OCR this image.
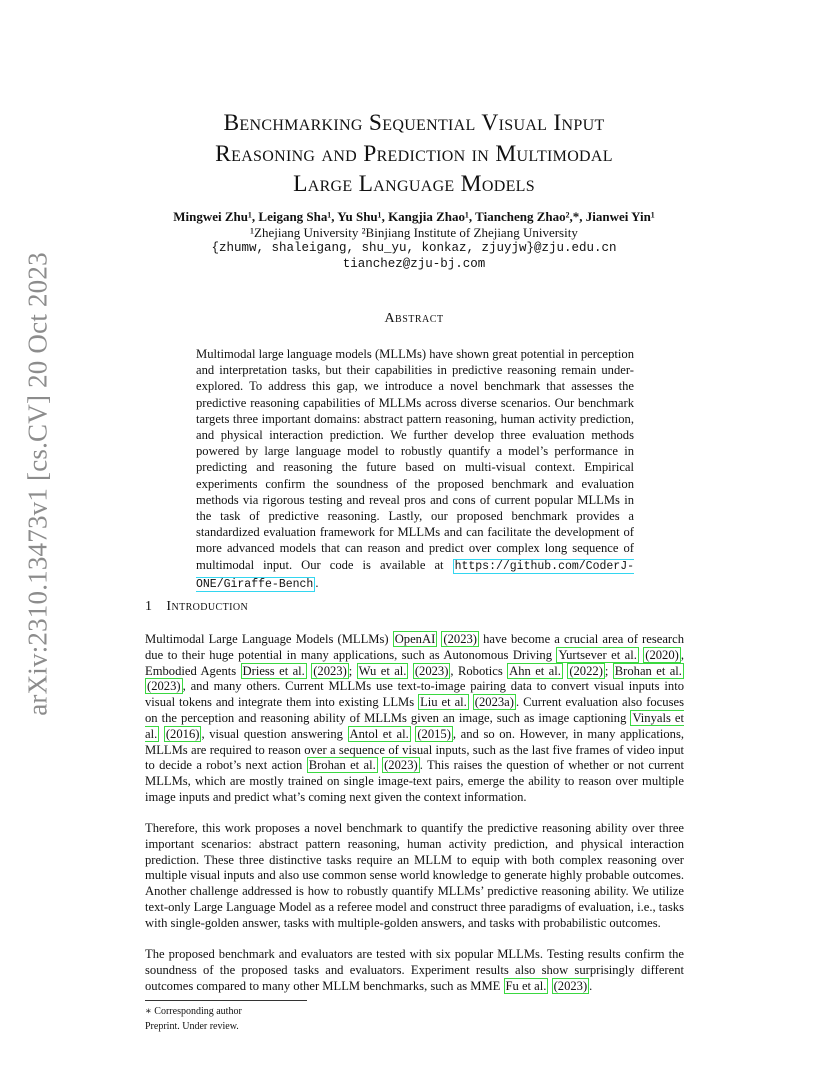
arXiv:2310.13473v1 [cs.CV] 20 Oct 2023
Benchmarking Sequential Visual Input
Reasoning and Prediction in Multimodal
Large Language Models
Mingwei Zhu¹, Leigang Sha¹, Yu Shu¹, Kangjia Zhao¹, Tiancheng Zhao²,*, Jianwei Yin¹
¹Zhejiang University ²Binjiang Institute of Zhejiang University
{zhumw, shaleigang, shu_yu, konkaz, zjuyjw}@zju.edu.cn
tianchez@zju-bj.com
Abstract
Multimodal large language models (MLLMs) have shown great potential in perception and interpretation tasks, but their capabilities in predictive reasoning remain under-explored. To address this gap, we introduce a novel benchmark that assesses the predictive reasoning capabilities of MLLMs across diverse scenarios. Our benchmark targets three important domains: abstract pattern reasoning, human activity prediction, and physical interaction prediction. We further develop three evaluation methods powered by large language model to robustly quantify a model’s performance in predicting and reasoning the future based on multi-visual context. Empirical experiments confirm the soundness of the proposed benchmark and evaluation methods via rigorous testing and reveal pros and cons of current popular MLLMs in the task of predictive reasoning. Lastly, our proposed benchmark provides a standardized evaluation framework for MLLMs and can facilitate the development of more advanced models that can reason and predict over complex long sequence of multimodal input. Our code is available at https://github.com/CoderJ-ONE/Giraffe-Bench .
1 Introduction
Multimodal Large Language Models (MLLMs) OpenAI (2023) have become a crucial area of research due to their huge potential in many applications, such as Autonomous Driving Yurtsever et al. (2020) , Embodied Agents Driess et al. (2023) ; Wu et al. (2023) , Robotics Ahn et al. (2022) ; Brohan et al. (2023) , and many others. Current MLLMs use text-to-image pairing data to convert visual inputs into visual tokens and integrate them into existing LLMs Liu et al. (2023a) . Current evaluation also focuses on the perception and reasoning ability of MLLMs given an image, such as image captioning Vinyals et al. (2016) , visual question answering Antol et al. (2015) , and so on. However, in many applications, MLLMs are required to reason over a sequence of visual inputs, such as the last five frames of video input to decide a robot’s next action Brohan et al. (2023) . This raises the question of whether or not current MLLMs, which are mostly trained on single image-text pairs, emerge the ability to reason over multiple image inputs and predict what’s coming next given the context information.
Therefore, this work proposes a novel benchmark to quantify the predictive reasoning ability over three important scenarios: abstract pattern reasoning, human activity prediction, and physical interaction prediction. These three distinctive tasks require an MLLM to equip with both complex reasoning over multiple visual inputs and also use common sense world knowledge to generate highly probable outcomes. Another challenge addressed is how to robustly quantify MLLMs’ predictive reasoning ability. We utilize text-only Large Language Model as a referee model and construct three paradigms of evaluation, i.e., tasks with single-golden answer, tasks with multiple-golden answers, and tasks with probabilistic outcomes.
The proposed benchmark and evaluators are tested with six popular MLLMs. Testing results confirm the soundness of the proposed tasks and evaluators. Experiment results also show surprisingly different outcomes compared to many other MLLM benchmarks, such as MME Fu et al. (2023) .
∗ Corresponding author
Preprint. Under review.
